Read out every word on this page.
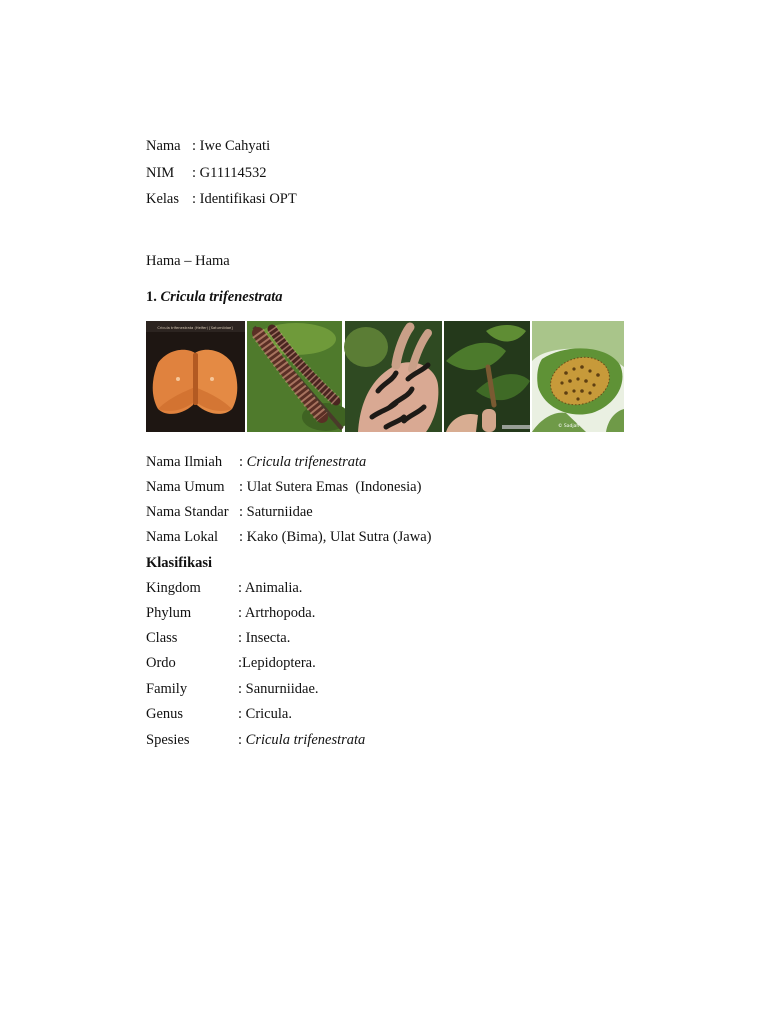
Nama : Iwe Cahyati
NIM : G11114532
Kelas : Identifikasi OPT
Hama – Hama
1. Cricula trifenestrata
Cricula trifenestrata (Helfer) [Saturniidae]
© Sadjah
Nama Ilmiah : Cricula trifenestrata
Nama Umum : Ulat Sutera Emas  (Indonesia)
Nama Standar : Saturniidae
Nama Lokal : Kako (Bima), Ulat Sutra (Jawa)
Klasifikasi
Kingdom	: Animalia.
Phylum	: Artrhopoda.
Class	: Insecta.
Ordo	:Lepidoptera.
Family	: Sanurniidae.
Genus	: Cricula.
Spesies	: Cricula trifenestrata
